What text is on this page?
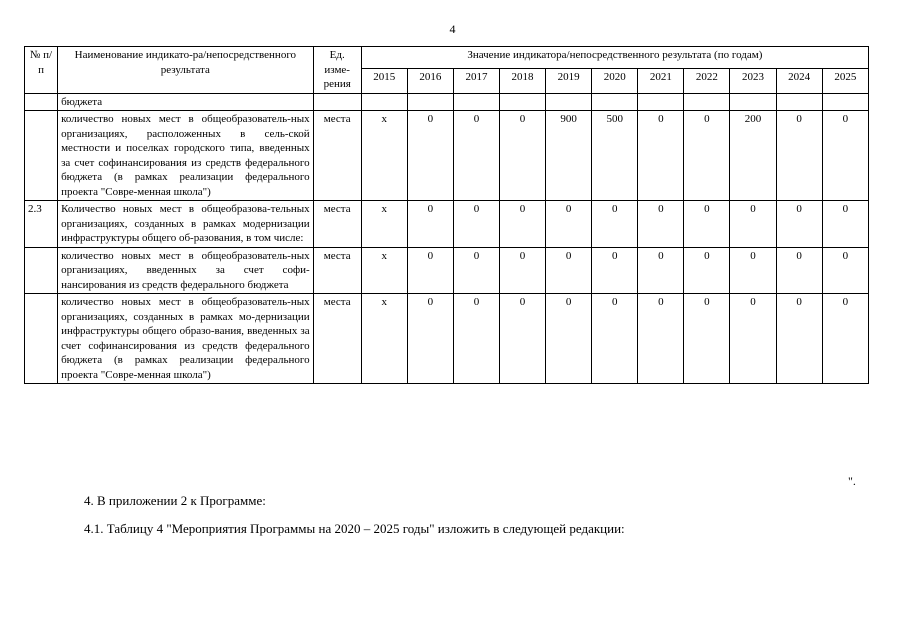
4
№ п/п	Наименование индикато-ра/непосредственного результата	Ед. изме-рения	Значение индикатора/непосредственного результата (по годам)										
			2015	2016	2017	2018	2019	2020	2021	2022	2023	2024	2025
	бюджета												
	количество новых мест в общеобразователь-ных организациях, расположенных в сель-ской местности и поселках городского типа, введенных за счет софинансирования из средств федерального бюджета (в рамках реализации федерального проекта "Совре-менная школа")	места	х	0	0	0	900	500	0	0	200	0	0
2.3	Количество новых мест в общеобразова-тельных организациях, созданных в рамках модернизации инфраструктуры общего об-разования, в том числе:	места	х	0	0	0	0	0	0	0	0	0	0
	количество новых мест в общеобразователь-ных организациях, введенных за счет софи-нансирования из средств федерального бюджета	места	х	0	0	0	0	0	0	0	0	0	0
	количество новых мест в общеобразователь-ных организациях, созданных в рамках мо-дернизации инфраструктуры общего образо-вания, введенных за счет софинансирования из средств федерального бюджета (в рамках реализации федерального проекта "Совре-менная школа")	места	х	0	0	0	0	0	0	0	0	0	0
".
4. В приложении 2 к Программе:
4.1. Таблицу 4 "Мероприятия Программы на 2020 – 2025 годы" изложить в следующей редакции:
